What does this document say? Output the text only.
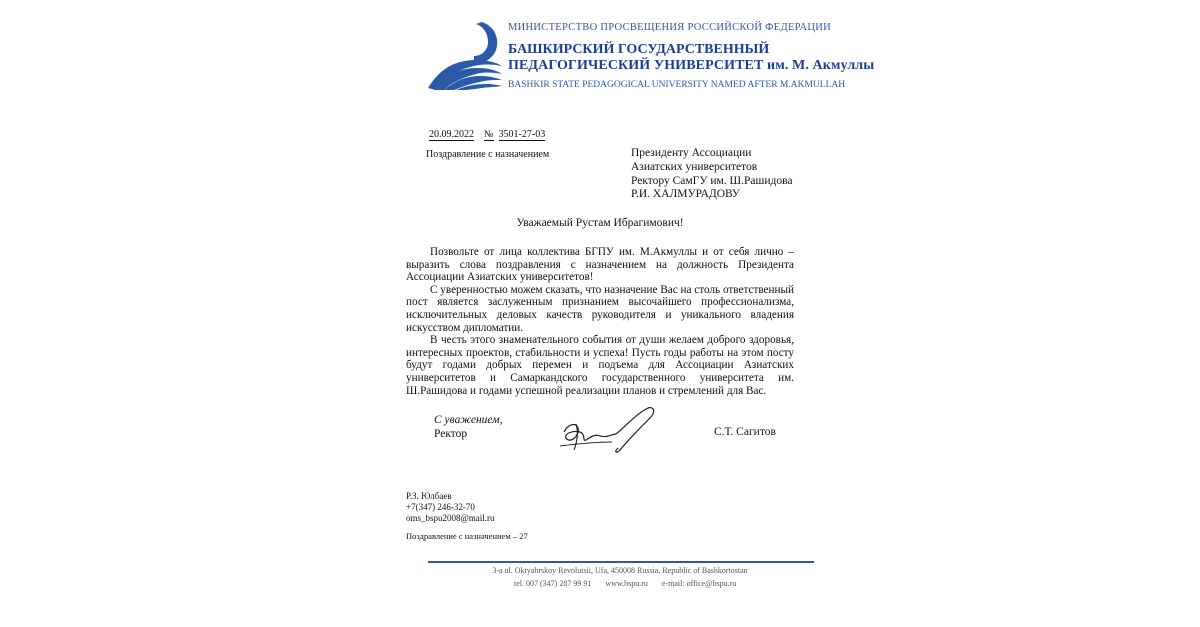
МИНИСТЕРСТВО ПРОСВЕЩЕНИЯ РОССИЙСКОЙ ФЕДЕРАЦИИ
БАШКИРСКИЙ ГОСУДАРСТВЕННЫЙ
ПЕДАГОГИЧЕСКИЙ УНИВЕРСИТЕТ им. М. Акмуллы
BASHKIR STATE PEDAGOGICAL UNIVERSITY NAMED AFTER M.AKMULLAH
20.09.2022 № 3501-27-03
Поздравление с назначением	Президенту Ассоциации
Азиатских университетов
Ректору СамГУ им. Ш.Рашидова
Р.И. ХАЛМУРАДОВУ
Уважаемый Рустам Ибрагимович!

Позвольте от лица коллектива БГПУ им. М.Акмуллы и от себя лично – выразить слова поздравления с назначением на должность Президента Ассоциации Азиатских университетов!

С уверенностью можем сказать, что назначение Вас на столь ответственный пост является заслуженным признанием высочайшего профессионализма, исключительных деловых качеств руководителя и уникального владения искусством дипломатии.

В честь этого знаменательного события от души желаем доброго здоровья, интересных проектов, стабильности и успеха! Пусть годы работы на этом посту будут годами добрых перемен и подъема для Ассоциации Азиатских университетов и Самаркандского государственного университета им. Ш.Рашидова и годами успешной реализации планов и стремлений для Вас.

С уважением,
Ректор	С.Т. Сагитов
Р.З. Юлбаев
+7(347) 246-32-70
oms_bspu2008@mail.ru
Поздравление с назначением – 27
3-a ul. Oktyabrskoy Revolutsii, Ufa, 450008 Russia, Republic of Bashkortostan
tel. 007 (347) 287 99 91 www.bspu.ru e-mail: office@bspu.ru
